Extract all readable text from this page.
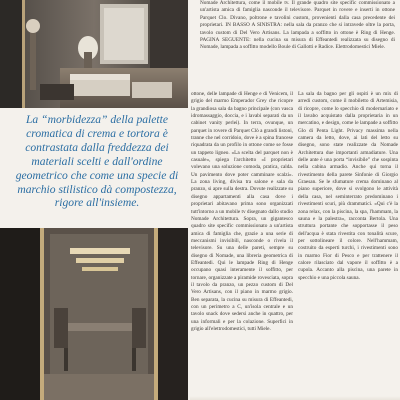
La “morbidezza” della palette cromatica di crema e tortora è contrastata dalla freddezza dei materiali scelti e dall'ordine geometrico che come una specie di marchio stilistico dà compostezza, rigore all'insieme.

Nomade Architettura, come il mobile tv. Il grande quadro site specific commissionato a un'artista amica di famiglia nasconde il televisore. Parquet in rovere e inserti in ottone Parquet Clo. Divano, poltrone e tavolini custom, provenienti dalla casa precedente dei proprietari. IN BASSO A SINISTRA: nella sala da pranzo che si intravede oltre la porta, tavolo custom di Del Vero Artisans. La lampada a soffitto in ottone è Ring di Henge. PAGINA SEGUENTE: nella cucina su misura di Effeantedi realizzata su disegno di Nomade, lampada a soffitto modello Boule di Gallotti e Radice. Elettrodomestici Miele.

ottone, delle lampade di Henge e di Venicem, il grigio del marmo Emperador Grey che ricopre la grandiosa sala da bagno principale (con vasca idromassaggio, doccia, e i lavabi separati da un cabinet vanity perlei). In terra, ovunque, un parquet in rovere di Parquet Clò a grandi listoni, tranne che nel corridoio, dove è a spina francese riquadrata da un profilo in ottone come se fosse un tappeto ligneo. «La scelta del parquet non è casuale», spiega l'architetto «I proprietari volevano una soluzione comoda, pratica, calda. Un pavimento dove poter camminare scalzi». La zona living, divisa tra salone e sala da pranzo, si apre sulla destra. Dovute realizzate su disegno appartamenti alla casa dove i proprietari abitavano prima sono organizzati tutt'intorno a un mobile tv disegnato dallo studio Nomade Architettura. Sopra, un gigantesco quadro site specific commissionato a un'artista amica di famiglia che, grazie a una serie di meccanismi invisibili, nasconde o rivela il televisore. Su una delle pareti, sempre su disegno di Nomade, una libreria geometrica di Effeantedi. Qui le lampade Ring di Henge occupano quasi interamente il soffitto, per tornare, organizzate a piramide rovesciata, sopra il tavolo da pranzo, un pezzo custom di Del Vero Artisans, con il piano in marmo grigio. Ben separata, la cucina su misura di Effeantedi, con un perimetro a C, un'isola centrale e un tavolo snack dove sedersi anche in quattro, per una informali e per la colazione. Superfici in grigio all'elettrodomestici, tutti Miele.

La sala da bagno per gli ospiti è un mix di arredi custom, come il mobiletto di Artemisia, di ricopre, come lo specchio di modernariato e il lavabo acquistato dalla proprietaria in un mercatino, e design, come le lampade a soffitto Glo di Penta Light. Privacy massima nella camera da letto, dove, ai lati del letto su disegno, sono state realizzate da Nomade Architettura due importanti armadiature. Una delle ante è una porta “invisibile” che sospinta nella cabina armadio. Anche qui torna il rivestimento della parete Sinfonie di Giorgio Graesan. Se le sfumature crema dominano al piano superiore, dove si svolgono le attività della casa, nel seminterrato predominano i rivestimenti scuri, più drammatici. «Qui c'è la zona relax, con la piscina, la spa, l'hammam, la sauna e la palestra», racconta Bertola. Una struttura portante che sopportasse il peso dell'acqua è stata rivestita con tonalità scure, per sottolineare il colore. Nell'hammam, costruito da esperti turchi, i rivestimenti sono in marmo Fior di Pesco e per trattenere il calore rilasciato dal vapore il soffitto è a cupola. Accanto alla piscina, una parete in specchio e una piccola sauna.
